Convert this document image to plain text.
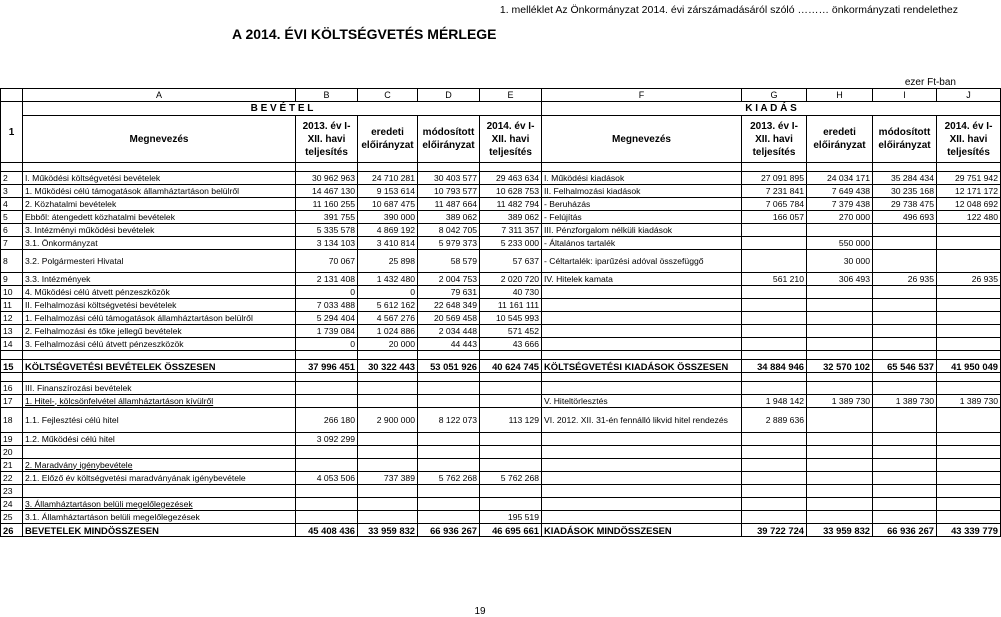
1. melléklet Az Önkormányzat 2014. évi zárszámadásáról szóló ……… önkormányzati rendelethez
A 2014. ÉVI KÖLTSÉGVETÉS MÉRLEGE
ezer Ft-ban
	A	B	C	D	E	F	G	H	I	J
1	B E V É T E L					K I A D Á S				
	Megnevezés	2013. év I-XII. havi teljesítés	eredeti előirányzat	módosított előirányzat	2014. év I-XII. havi teljesítés	Megnevezés	2013. év I-XII. havi teljesítés	eredeti előirányzat	módosított előirányzat	2014. év I-XII. havi teljesítés

2	I. Működési költségvetési bevételek	30 962 963	24 710 281	30 403 577	29 463 634	I. Működési kiadások	27 091 895	24 034 171	35 284 434	29 751 942
3	1. Működési célú támogatások államháztartáson belülről	14 467 130	9 153 614	10 793 577	10 628 753	II. Felhalmozási kiadások	7 231 841	7 649 438	30 235 168	12 171 172
4	2. Közhatalmi bevételek	11 160 255	10 687 475	11 487 664	11 482 794	- Beruházás	7 065 784	7 379 438	29 738 475	12 048 692
5	Ebből: átengedett közhatalmi bevételek	391 755	390 000	389 062	389 062	- Felújítás	166 057	270 000	496 693	122 480
6	3. Intézményi működési bevételek	5 335 578	4 869 192	8 042 705	7 311 357	III. Pénzforgalom nélküli kiadások				
7	3.1. Önkormányzat	3 134 103	3 410 814	5 979 373	5 233 000	- Általános tartalék		550 000		
8	3.2. Polgármesteri Hivatal	70 067	25 898	58 579	57 637	- Céltartalék: iparűzési adóval összefüggő		30 000		
9	3.3. Intézmények	2 131 408	1 432 480	2 004 753	2 020 720	IV. Hitelek kamata	561 210	306 493	26 935	26 935
10	4. Működési célú átvett pénzeszközök	0	0	79 631	40 730					
11	II. Felhalmozási költségvetési bevételek	7 033 488	5 612 162	22 648 349	11 161 111					
12	1. Felhalmozási célú támogatások államháztartáson belülről	5 294 404	4 567 276	20 569 458	10 545 993					
13	2. Felhalmozási és tőke jellegű bevételek	1 739 084	1 024 886	2 034 448	571 452					
14	3. Felhalmozási célú átvett pénzeszközök	0	20 000	44 443	43 666					

15	KÖLTSÉGVETÉSI BEVÉTELEK ÖSSZESEN	37 996 451	30 322 443	53 051 926	40 624 745	KÖLTSÉGVETÉSI KIADÁSOK ÖSSZESEN	34 884 946	32 570 102	65 546 537	41 950 049

16	III. Finanszírozási bevételek									
17	1. Hitel-, kölcsönfelvétel államháztartáson kívülről					V. Hiteltörlesztés	1 948 142	1 389 730	1 389 730	1 389 730
18	1.1. Fejlesztési célú hitel	266 180	2 900 000	8 122 073	113 129	VI. 2012. XII. 31-én fennálló likvid hitel rendezés	2 889 636			
19	1.2. Működési célú hitel	3 092 299								
20										
21	2. Maradvány igénybevétele									
22	2.1. Előző év költségvetési maradványának igénybevétele	4 053 506	737 389	5 762 268	5 762 268					
23										
24	3. Államháztartáson belüli megelőlegezések									
25	3.1. Államháztartáson belüli megelőlegezések				195 519					
26	BEVETELEK MINDÖSSZESEN	45 408 436	33 959 832	66 936 267	46 695 661	KIADÁSOK MINDÖSSZESEN	39 722 724	33 959 832	66 936 267	43 339 779
19
